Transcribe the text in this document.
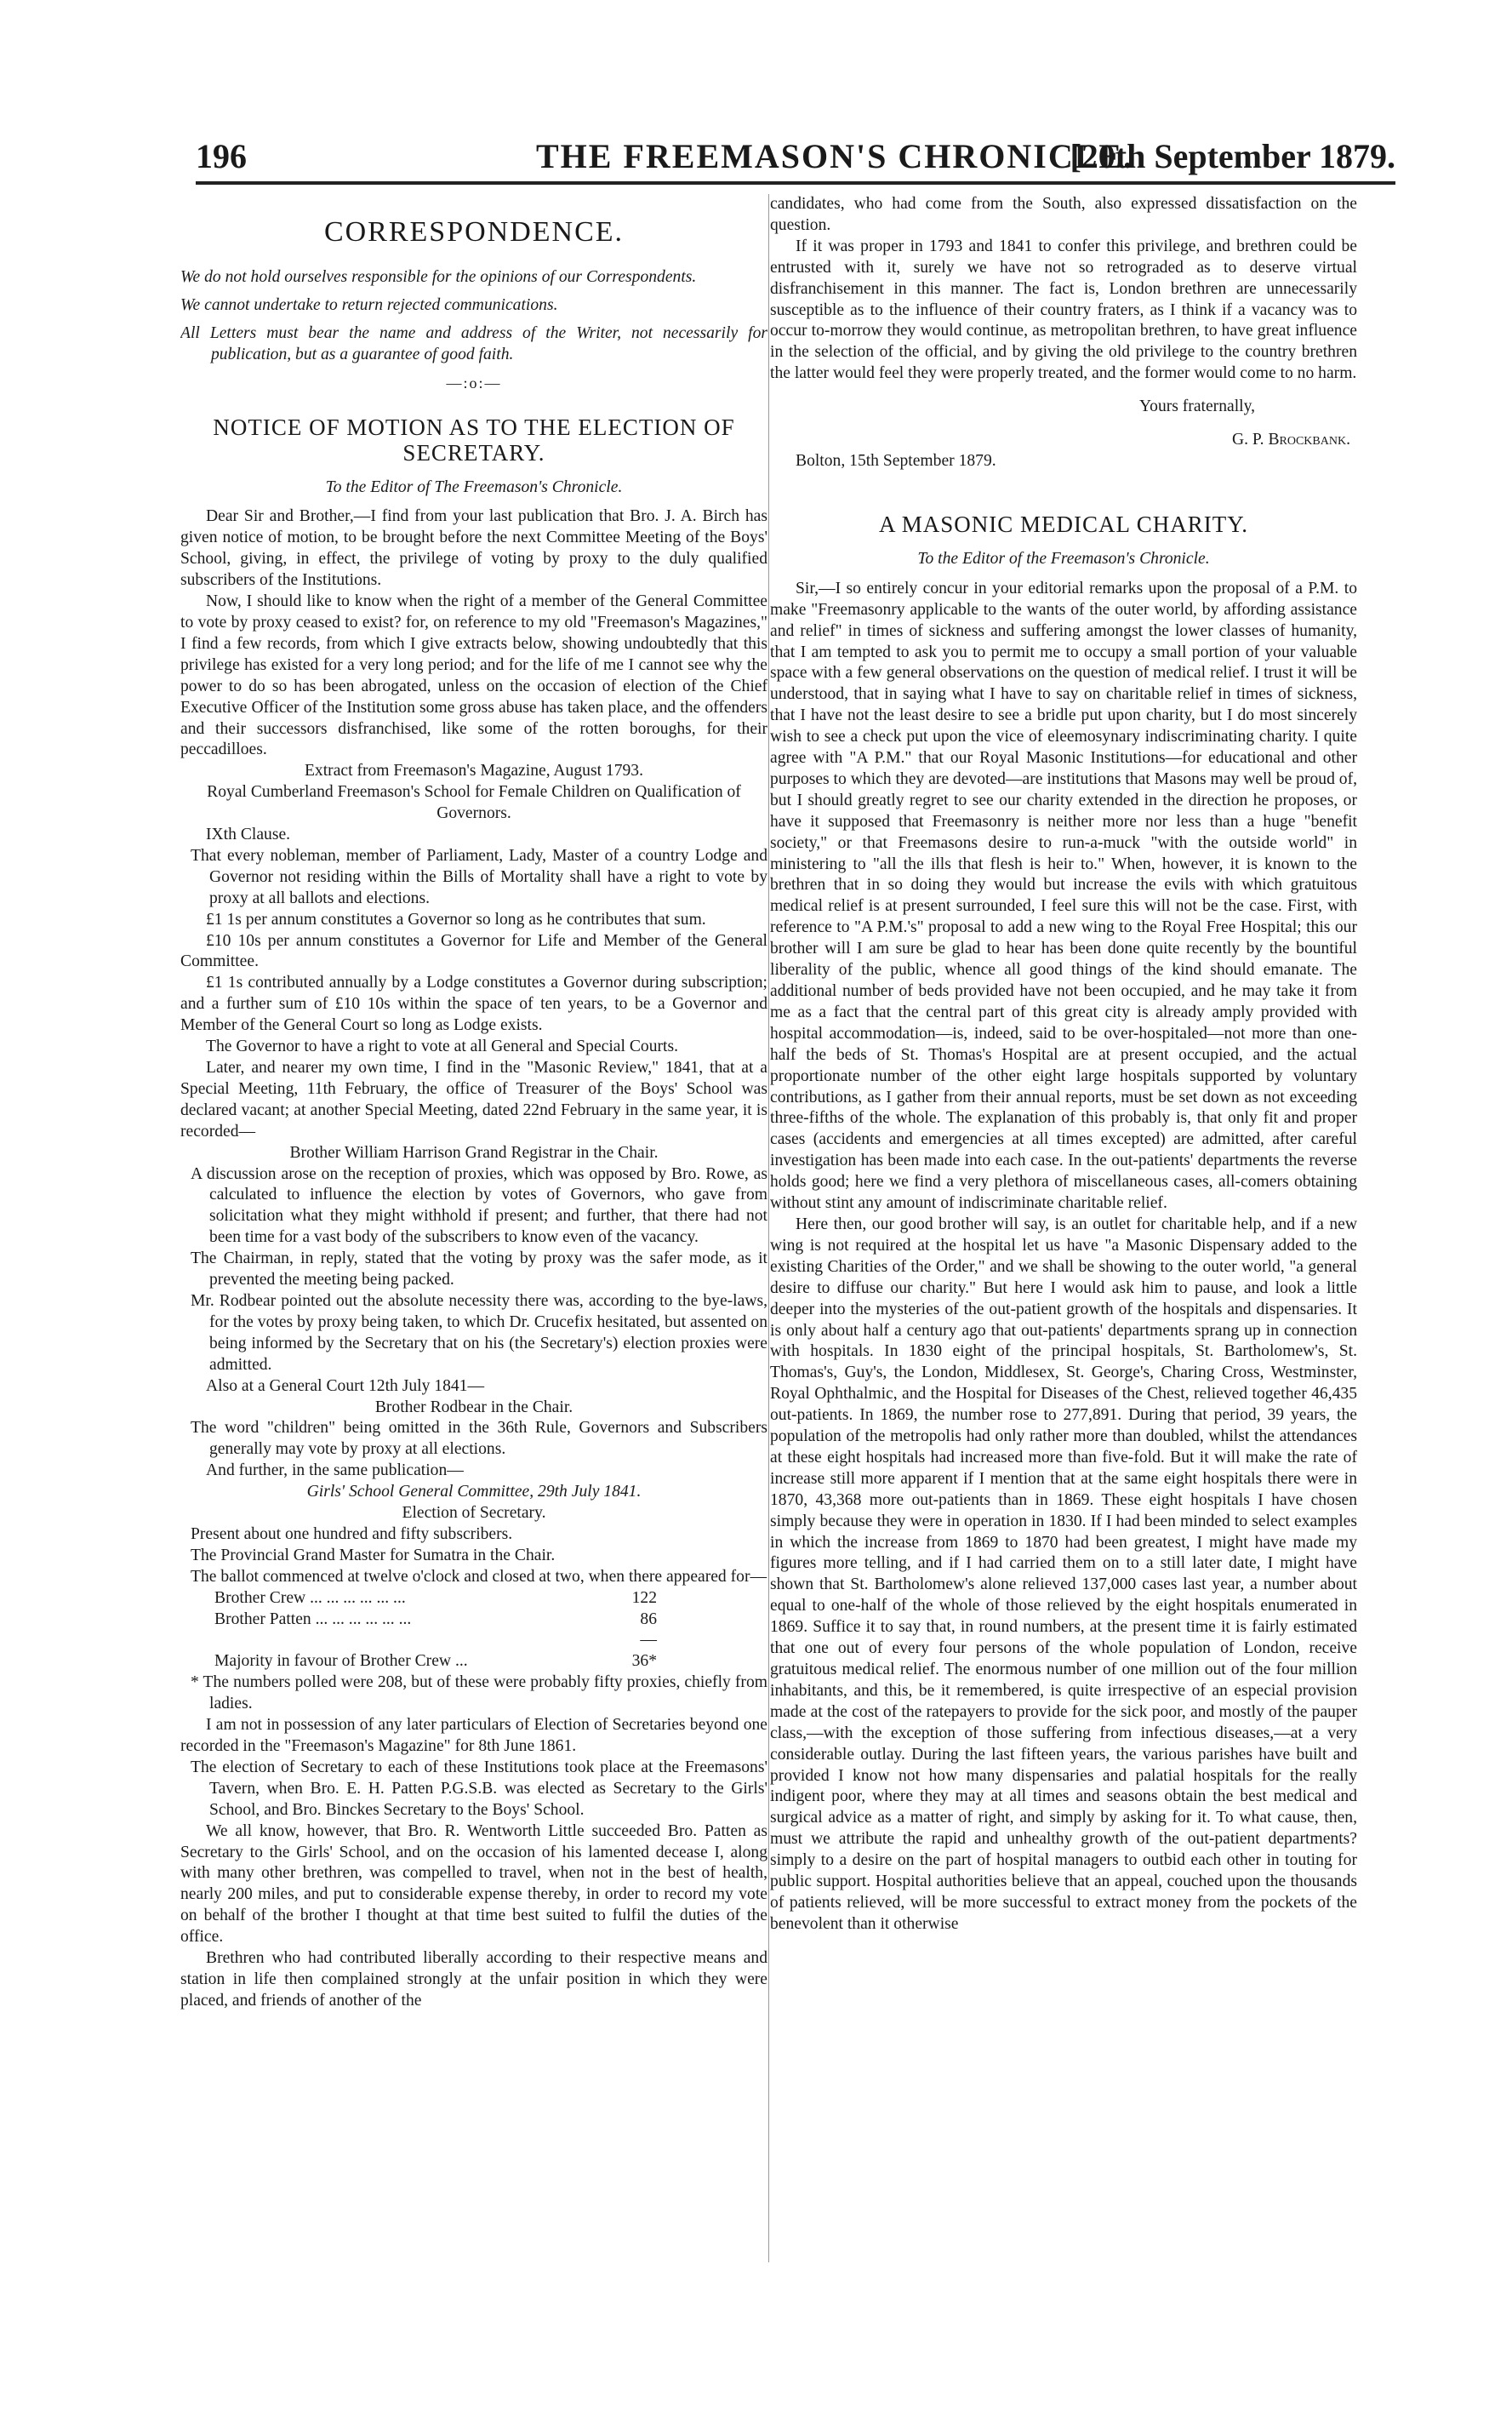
196	THE FREEMASON'S CHRONICLE.
[20th September 1879.
CORRESPONDENCE.

We do not hold ourselves responsible for the opinions of our Correspondents.

We cannot undertake to return rejected communications.

All Letters must bear the name and address of the Writer, not necessarily for publication, but as a guarantee of good faith.

—:o:—
NOTICE OF MOTION AS TO THE ELECTION OF SECRETARY.
To the Editor of The Freemason's Chronicle.

Dear Sir and Brother,—I find from your last publication that Bro. J. A. Birch has given notice of motion, to be brought before the next Committee Meeting of the Boys' School, giving, in effect, the privilege of voting by proxy to the duly qualified subscribers of the Institutions.

Now, I should like to know when the right of a member of the General Committee to vote by proxy ceased to exist? for, on reference to my old "Freemason's Magazines," I find a few records, from which I give extracts below, showing undoubtedly that this privilege has existed for a very long period; and for the life of me I cannot see why the power to do so has been abrogated, unless on the occasion of election of the Chief Executive Officer of the Institution some gross abuse has taken place, and the offenders and their successors disfranchised, like some of the rotten boroughs, for their peccadilloes.

Extract from Freemason's Magazine, August 1793.

Royal Cumberland Freemason's School for Female Children on Qualification of Governors.

IXth Clause.

That every nobleman, member of Parliament, Lady, Master of a country Lodge and Governor not residing within the Bills of Mortality shall have a right to vote by proxy at all ballots and elections.

£1 1s per annum constitutes a Governor so long as he contributes that sum.

£10 10s per annum constitutes a Governor for Life and Member of the General Committee.

£1 1s contributed annually by a Lodge constitutes a Governor during subscription; and a further sum of £10 10s within the space of ten years, to be a Governor and Member of the General Court so long as Lodge exists.

The Governor to have a right to vote at all General and Special Courts.

Later, and nearer my own time, I find in the "Masonic Review," 1841, that at a Special Meeting, 11th February, the office of Treasurer of the Boys' School was declared vacant; at another Special Meeting, dated 22nd February in the same year, it is recorded—

Brother William Harrison Grand Registrar in the Chair.

A discussion arose on the reception of proxies, which was opposed by Bro. Rowe, as calculated to influence the election by votes of Governors, who gave from solicitation what they might withhold if present; and further, that there had not been time for a vast body of the subscribers to know even of the vacancy.

The Chairman, in reply, stated that the voting by proxy was the safer mode, as it prevented the meeting being packed.

Mr. Rodbear pointed out the absolute necessity there was, according to the bye-laws, for the votes by proxy being taken, to which Dr. Crucefix hesitated, but assented on being informed by the Secretary that on his (the Secretary's) election proxies were admitted.

Also at a General Court 12th July 1841—

Brother Rodbear in the Chair.

The word "children" being omitted in the 36th Rule, Governors and Subscribers generally may vote by proxy at all elections.

And further, in the same publication—

Girls' School General Committee, 29th July 1841.

Election of Secretary.

Present about one hundred and fifty subscribers.

The Provincial Grand Master for Sumatra in the Chair.

The ballot commenced at twelve o'clock and closed at two, when there appeared for—

Brother Crew ... ... ... ... ... ...	122
Brother Patten ... ... ... ... ... ...	86
—
Majority in favour of Brother Crew ...	36*

* The numbers polled were 208, but of these were probably fifty proxies, chiefly from ladies.

I am not in possession of any later particulars of Election of Secretaries beyond one recorded in the "Freemason's Magazine" for 8th June 1861.

The election of Secretary to each of these Institutions took place at the Freemasons' Tavern, when Bro. E. H. Patten P.G.S.B. was elected as Secretary to the Girls' School, and Bro. Binckes Secretary to the Boys' School.

We all know, however, that Bro. R. Wentworth Little succeeded Bro. Patten as Secretary to the Girls' School, and on the occasion of his lamented decease I, along with many other brethren, was compelled to travel, when not in the best of health, nearly 200 miles, and put to considerable expense thereby, in order to record my vote on behalf of the brother I thought at that time best suited to fulfil the duties of the office.

Brethren who had contributed liberally according to their respective means and station in life then complained strongly at the unfair position in which they were placed, and friends of another of the

candidates, who had come from the South, also expressed dissatisfaction on the question.

If it was proper in 1793 and 1841 to confer this privilege, and brethren could be entrusted with it, surely we have not so retrograded as to deserve virtual disfranchisement in this manner. The fact is, London brethren are unnecessarily susceptible as to the influence of their country fraters, as I think if a vacancy was to occur to-morrow they would continue, as metropolitan brethren, to have great influence in the selection of the official, and by giving the old privilege to the country brethren the latter would feel they were properly treated, and the former would come to no harm.

Yours fraternally,

G. P. Brockbank.

Bolton, 15th September 1879.

A MASONIC MEDICAL CHARITY.
To the Editor of the Freemason's Chronicle.

Sir,—I so entirely concur in your editorial remarks upon the proposal of a P.M. to make "Freemasonry applicable to the wants of the outer world, by affording assistance and relief" in times of sickness and suffering amongst the lower classes of humanity, that I am tempted to ask you to permit me to occupy a small portion of your valuable space with a few general observations on the question of medical relief. I trust it will be understood, that in saying what I have to say on charitable relief in times of sickness, that I have not the least desire to see a bridle put upon charity, but I do most sincerely wish to see a check put upon the vice of eleemosynary indiscriminating charity. I quite agree with "A P.M." that our Royal Masonic Institutions—for educational and other purposes to which they are devoted—are institutions that Masons may well be proud of, but I should greatly regret to see our charity extended in the direction he proposes, or have it supposed that Freemasonry is neither more nor less than a huge "benefit society," or that Freemasons desire to run-a-muck "with the outside world" in ministering to "all the ills that flesh is heir to." When, however, it is known to the brethren that in so doing they would but increase the evils with which gratuitous medical relief is at present surrounded, I feel sure this will not be the case. First, with reference to "A P.M.'s" proposal to add a new wing to the Royal Free Hospital; this our brother will I am sure be glad to hear has been done quite recently by the bountiful liberality of the public, whence all good things of the kind should emanate. The additional number of beds provided have not been occupied, and he may take it from me as a fact that the central part of this great city is already amply provided with hospital accommodation—is, indeed, said to be over-hospitaled—not more than one-half the beds of St. Thomas's Hospital are at present occupied, and the actual proportionate number of the other eight large hospitals supported by voluntary contributions, as I gather from their annual reports, must be set down as not exceeding three-fifths of the whole. The explanation of this probably is, that only fit and proper cases (accidents and emergencies at all times excepted) are admitted, after careful investigation has been made into each case. In the out-patients' departments the reverse holds good; here we find a very plethora of miscellaneous cases, all-comers obtaining without stint any amount of indiscriminate charitable relief.

Here then, our good brother will say, is an outlet for charitable help, and if a new wing is not required at the hospital let us have "a Masonic Dispensary added to the existing Charities of the Order," and we shall be showing to the outer world, "a general desire to diffuse our charity." But here I would ask him to pause, and look a little deeper into the mysteries of the out-patient growth of the hospitals and dispensaries. It is only about half a century ago that out-patients' departments sprang up in connection with hospitals. In 1830 eight of the principal hospitals, St. Bartholomew's, St. Thomas's, Guy's, the London, Middlesex, St. George's, Charing Cross, Westminster, Royal Ophthalmic, and the Hospital for Diseases of the Chest, relieved together 46,435 out-patients. In 1869, the number rose to 277,891. During that period, 39 years, the population of the metropolis had only rather more than doubled, whilst the attendances at these eight hospitals had increased more than five-fold. But it will make the rate of increase still more apparent if I mention that at the same eight hospitals there were in 1870, 43,368 more out-patients than in 1869. These eight hospitals I have chosen simply because they were in operation in 1830. If I had been minded to select examples in which the increase from 1869 to 1870 had been greatest, I might have made my figures more telling, and if I had carried them on to a still later date, I might have shown that St. Bartholomew's alone relieved 137,000 cases last year, a number about equal to one-half of the whole of those relieved by the eight hospitals enumerated in 1869. Suffice it to say that, in round numbers, at the present time it is fairly estimated that one out of every four persons of the whole population of London, receive gratuitous medical relief. The enormous number of one million out of the four million inhabitants, and this, be it remembered, is quite irrespective of an especial provision made at the cost of the ratepayers to provide for the sick poor, and mostly of the pauper class,—with the exception of those suffering from infectious diseases,—at a very considerable outlay. During the last fifteen years, the various parishes have built and provided I know not how many dispensaries and palatial hospitals for the really indigent poor, where they may at all times and seasons obtain the best medical and surgical advice as a matter of right, and simply by asking for it. To what cause, then, must we attribute the rapid and unhealthy growth of the out-patient departments? simply to a desire on the part of hospital managers to outbid each other in touting for public support. Hospital authorities believe that an appeal, couched upon the thousands of patients relieved, will be more successful to extract money from the pockets of the benevolent than it otherwise
